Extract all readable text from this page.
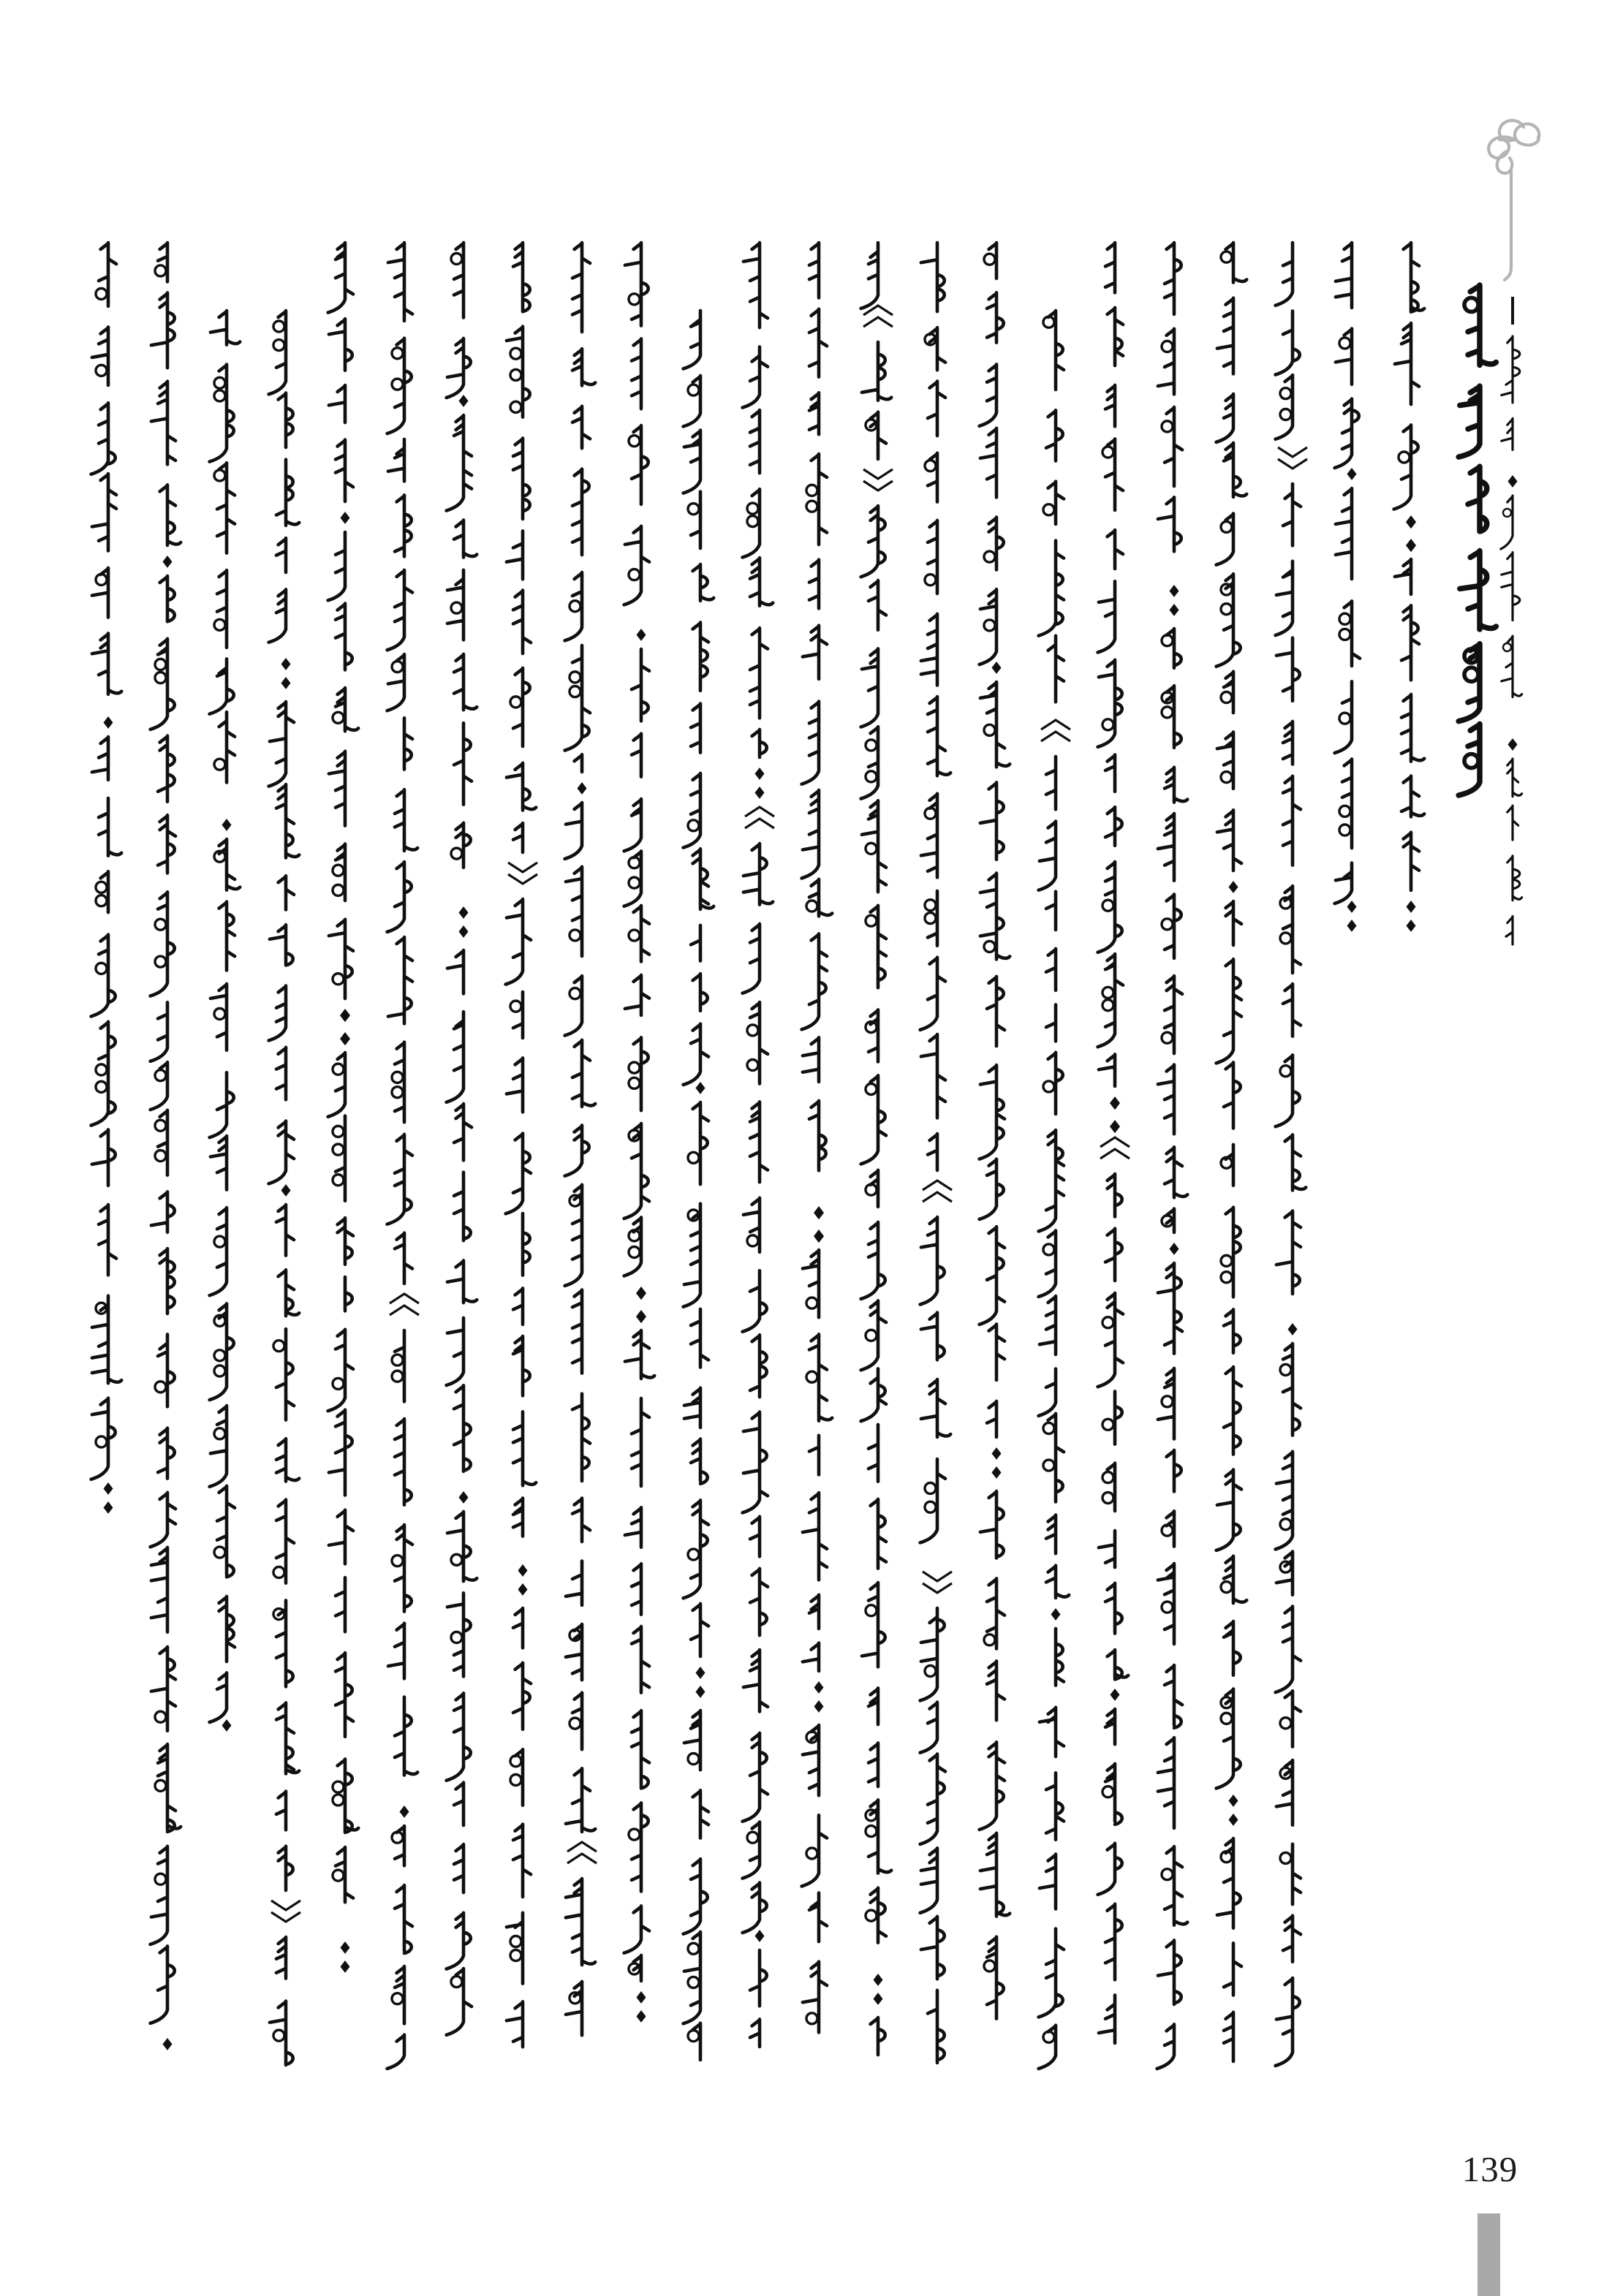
139
